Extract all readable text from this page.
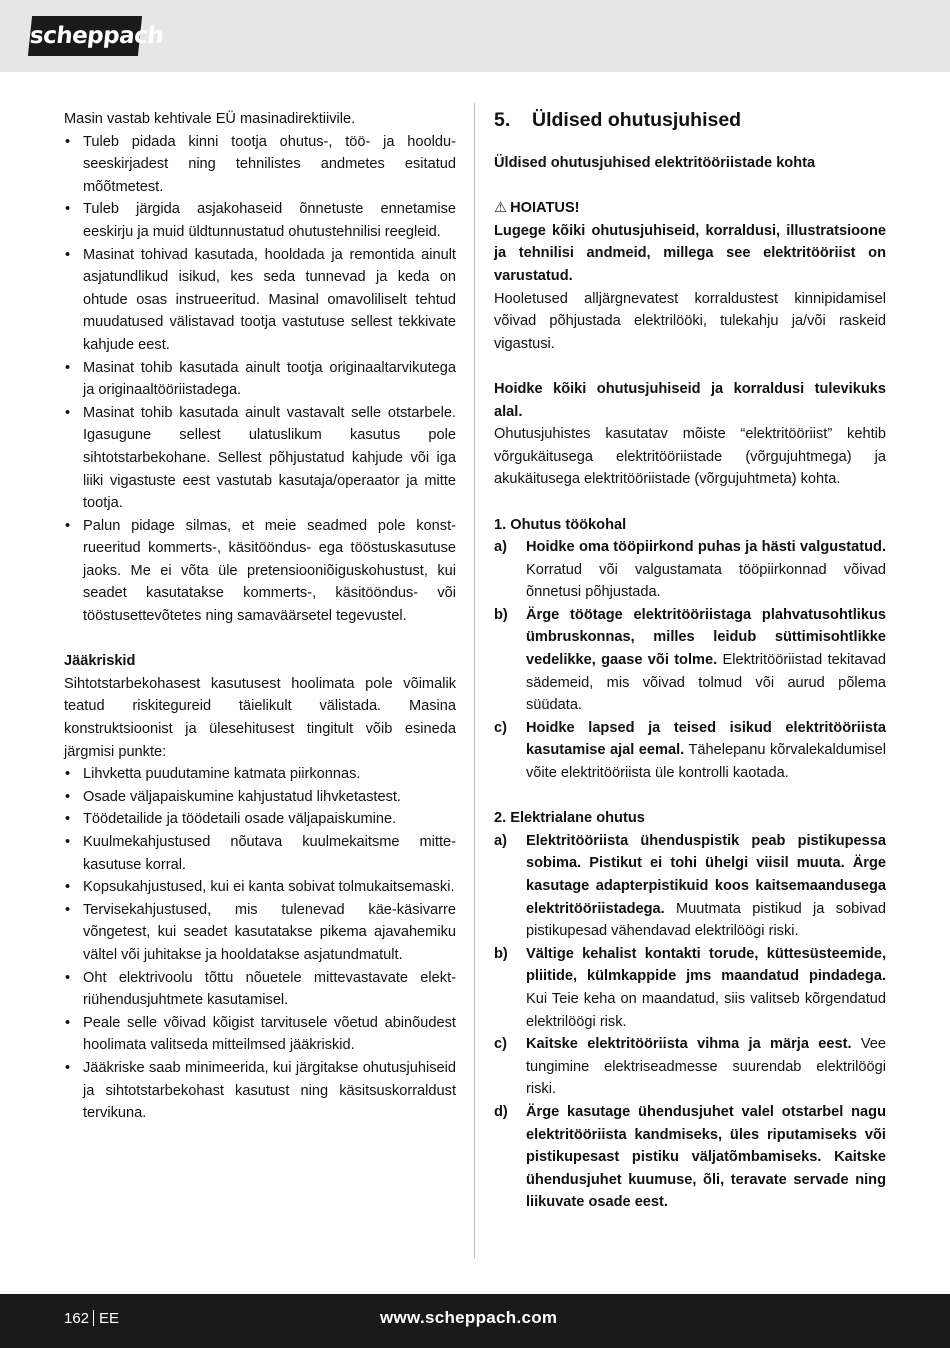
scheppach

Masin vastab kehtivale EÜ masinadirektiivile.

• Tuleb pidada kinni tootja ohutus-, töö- ja hoolduseeskirjadest ning tehnilistes andmetes esitatud mõõtmetest.
• Tuleb järgida asjakohaseid õnnetuste ennetamise eeskirju ja muid üldtunnustatud ohutustehnilisi reegleid.
• Masinat tohivad kasutada, hooldada ja remontida ainult asjatundlikud isikud, kes seda tunnevad ja keda on ohtude osas instrueeritud. Masinal omavoliliselt tehtud muudatused välistavad tootja vastutuse sellest tekkivate kahjude eest.
• Masinat tohib kasutada ainult tootja originaaltarvikutega ja originaaltööriistadega.
• Masinat tohib kasutada ainult vastavalt selle otstarbele. Igasugune sellest ulatuslikum kasutus pole sihtotstarbekohane. Sellest põhjustatud kahjude või iga liiki vigastuste eest vastutab kasutaja/operaator ja mitte tootja.
• Palun pidage silmas, et meie seadmed pole konstrueeritud kommerts-, käsitööndus- ega tööstuskasutuse jaoks. Me ei võta üle pretensiooniõiguskohustust, kui seadet kasutatakse kommerts-, käsitööndus- või tööstusettevõtetes ning samaväärsetel tegevustel.

Jääkriskid

Sihtotstarbekohasest kasutusest hoolimata pole võimalik teatud riskitegureid täielikult välistada. Masina konstruktsioonist ja ülesehitusest tingitult võib esineda järgmisi punkte:

• Lihvketta puudutamine katmata piirkonnas.
• Osade väljapaiskumine kahjustatud lihvketastest.
• Töödetailide ja töödetaili osade väljapaiskumine.
• Kuulmekahjustused nõutava kuulmekaitsme mittekasutuse korral.
• Kopsukahjustused, kui ei kanta sobivat tolmukaitsemaski.
• Tervisekahjustused, mis tulenevad käe-käsivarre võngetest, kui seadet kasutatakse pikema ajavahemiku vältel või juhitakse ja hooldatakse asjatundmatult.
• Oht elektrivoolu tõttu nõuetele mittevastavate elektriühendusjuhtmete kasutamisel.
• Peale selle võivad kõigist tarvitusele võetud abinõudest hoolimata valitseda mitteilmsed jääkriskid.
• Jääkriske saab minimeerida, kui järgitakse ohutusjuhiseid ja sihtotstarbekohast kasutust ning käsitsuskorraldust tervikuna.
5. Üldised ohutusjuhised

Üldised ohutusjuhised elektritööriistade kohta

⚠ HOIATUS!

Lugege kõiki ohutusjuhiseid, korraldusi, illustratsioone ja tehnilisi andmeid, millega see elektritööriist on varustatud.

Hooletused alljärgnevatest korraldustest kinnipidamisel võivad põhjustada elektrilööki, tulekahju ja/või raskeid vigastusi.

Hoidke kõiki ohutusjuhiseid ja korraldusi tulevikuks alal.

Ohutusjuhistes kasutatav mõiste “elektritööriist” kehtib võrgukäitusega elektritööriistade (võrgujuhtmega) ja akukäitusega elektritööriistade (võrgujuhtmeta) kohta.

1. Ohutus töökohal

a) Hoidke oma tööpiirkond puhas ja hästi valgustatud. Korratud või valgustamata tööpiirkonnad võivad õnnetusi põhjustada.
b) Ärge töötage elektritööriistaga plahvatusohtlikus ümbruskonnas, milles leidub süttimisohtlikke vedelikke, gaase või tolme. Elektritööriistad tekitavad sädemeid, mis võivad tolmud või aurud põlema süüdata.
c) Hoidke lapsed ja teised isikud elektritööriista kasutamise ajal eemal. Tähelepanu kõrvalekaldumisel võite elektritööriista üle kontrolli kaotada.

2. Elektrialane ohutus

a) Elektritööriista ühenduspistik peab pistikupessa sobima. Pistikut ei tohi ühelgi viisil muuta. Ärge kasutage adapterpistikuid koos kaitsemaandusega elektritööriistadega. Muutmata pistikud ja sobivad pistikupesad vähendavad elektrilöögi riski.
b) Vältige kehalist kontakti torude, küttesüsteemide, pliitide, külmkappide jms maandatud pindadega. Kui Teie keha on maandatud, siis valitseb kõrgendatud elektrilöögi risk.
c) Kaitske elektritööriista vihma ja märja eest. Vee tungimine elektriseadmesse suurendab elektrilöögi riski.
d) Ärge kasutage ühendusjuhet valel otstarbel nagu elektritööriista kandmiseks, üles riputamiseks või pistikupesast pistiku väljatõmbamiseks. Kaitske ühendusjuhet kuumuse, õli, teravate servade ning liikuvate osade eest.
162 EE	www.scheppach.com
